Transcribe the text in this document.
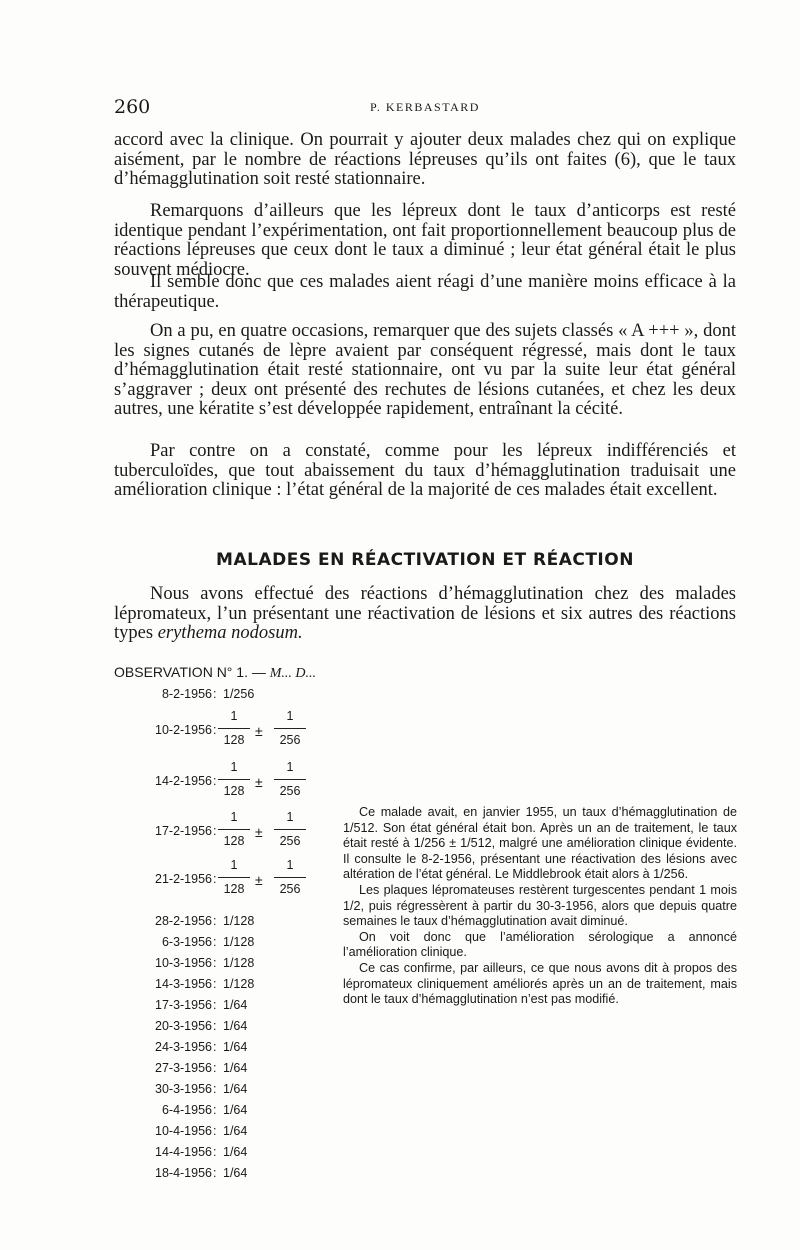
260	P. KERBASTARD

accord avec la clinique. On pourrait y ajouter deux malades chez qui on explique aisément, par le nombre de réactions lépreuses qu’ils ont faites (6), que le taux d’hémagglutination soit resté stationnaire.

Remarquons d’ailleurs que les lépreux dont le taux d’anticorps est resté identique pendant l’expérimentation, ont fait proportionnellement beaucoup plus de réactions lépreuses que ceux dont le taux a diminué ; leur état général était le plus souvent médiocre.

Il semble donc que ces malades aient réagi d’une manière moins efficace à la thérapeutique.

On a pu, en quatre occasions, remarquer que des sujets classés « A +++ », dont les signes cutanés de lèpre avaient par conséquent régressé, mais dont le taux d’hémagglutination était resté stationnaire, ont vu par la suite leur état général s’aggraver ; deux ont présenté des rechutes de lésions cutanées, et chez les deux autres, une kératite s’est développée rapidement, entraînant la cécité.

Par contre on a constaté, comme pour les lépreux indifférenciés et tuberculoïdes, que tout abaissement du taux d’hémagglutination traduisait une amélioration clinique : l’état général de la majorité de ces malades était excellent.

MALADES EN RÉACTIVATION ET RÉACTION

Nous avons effectué des réactions d’hémagglutination chez des malades lépromateux, l’un présentant une réactivation de lésions et six autres des réactions types erythema nodosum.

OBSERVATION N° 1. — M... D...
8-2-1956 : 1/256
28-2-1956 : 1/128
6-3-1956 : 1/128
10-3-1956 : 1/128
14-3-1956 : 1/128
17-3-1956 : 1/64
20-3-1956 : 1/64
24-3-1956 : 1/64
27-3-1956 : 1/64
30-3-1956 : 1/64
6-4-1956 : 1/64
10-4-1956 : 1/64
14-4-1956 : 1/64
18-4-1956 : 1/64
10-2-1956 :
1
128
1
256
±
14-2-1956 :
1
128
1
256
±
17-2-1956 :
1
128
1
256
±
21-2-1956 :
1
128
1
256
±

Ce malade avait, en janvier 1955, un taux d’hémagglutination de 1/512. Son état général était bon. Après un an de traitement, le taux était resté à 1/256 ± 1/512, malgré une amélioration clinique évidente. Il consulte le 8-2-1956, présentant une réactivation des lésions avec altération de l’état général. Le Middlebrook était alors à 1/256.

Les plaques lépromateuses restèrent turgescentes pendant 1 mois 1/2, puis régressèrent à partir du 30-3-1956, alors que depuis quatre semaines le taux d’hémagglutination avait diminué.

On voit donc que l’amélioration sérologique a annoncé l’amélioration clinique.

Ce cas confirme, par ailleurs, ce que nous avons dit à propos des lépromateux cliniquement améliorés après un an de traitement, mais dont le taux d’hémagglutination n’est pas modifié.
